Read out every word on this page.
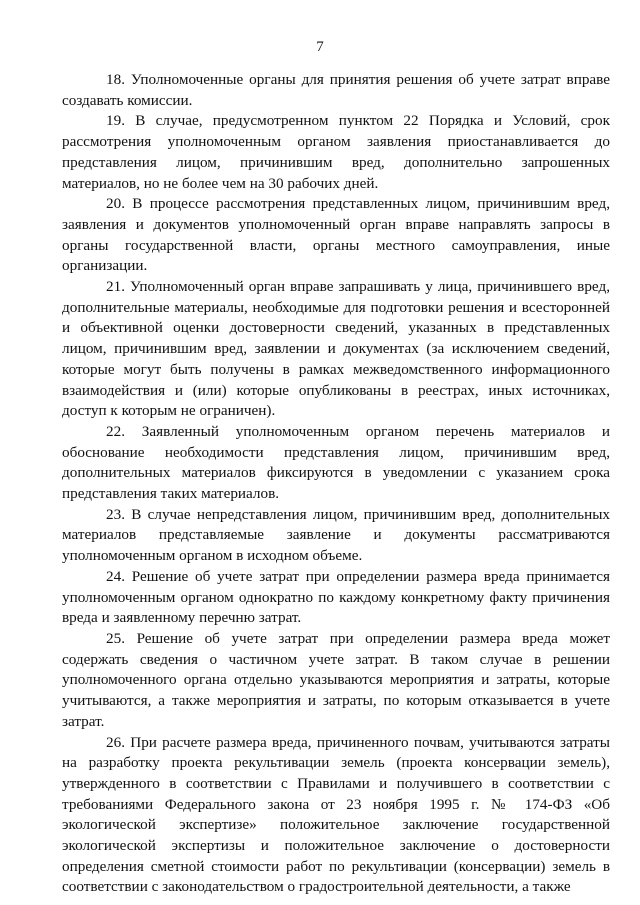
7

18. Уполномоченные органы для принятия решения об учете затрат вправе создавать комиссии.

19. В случае, предусмотренном пунктом 22 Порядка и Условий, срок рассмотрения уполномоченным органом заявления приостанавливается до представления лицом, причинившим вред, дополнительно запрошенных материалов, но не более чем на 30 рабочих дней.

20. В процессе рассмотрения представленных лицом, причинившим вред, заявления и документов уполномоченный орган вправе направлять запросы в органы государственной власти, органы местного самоуправления, иные организации.

21. Уполномоченный орган вправе запрашивать у лица, причинившего вред, дополнительные материалы, необходимые для подготовки решения и всесторонней и объективной оценки достоверности сведений, указанных в представленных лицом, причинившим вред, заявлении и документах (за исключением сведений, которые могут быть получены в рамках межведомственного информационного взаимодействия и (или) которые опубликованы в реестрах, иных источниках, доступ к которым не ограничен).

22. Заявленный уполномоченным органом перечень материалов и обоснование необходимости представления лицом, причинившим вред, дополнительных материалов фиксируются в уведомлении с указанием срока представления таких материалов.

23. В случае непредставления лицом, причинившим вред, дополнительных материалов представляемые заявление и документы рассматриваются уполномоченным органом в исходном объеме.

24. Решение об учете затрат при определении размера вреда принимается уполномоченным органом однократно по каждому конкретному факту причинения вреда и заявленному перечню затрат.

25. Решение об учете затрат при определении размера вреда может содержать сведения о частичном учете затрат. В таком случае в решении уполномоченного органа отдельно указываются мероприятия и затраты, которые учитываются, а также мероприятия и затраты, по которым отказывается в учете затрат.

26. При расчете размера вреда, причиненного почвам, учитываются затраты на разработку проекта рекультивации земель (проекта консервации земель), утвержденного в соответствии с Правилами и получившего в соответствии с требованиями Федерального закона от 23 ноября 1995 г. № 174-ФЗ «Об экологической экспертизе» положительное заключение государственной экологической экспертизы и положительное заключение о достоверности определения сметной стоимости работ по рекультивации (консервации) земель в соответствии с законодательством о градостроительной деятельности, а также
